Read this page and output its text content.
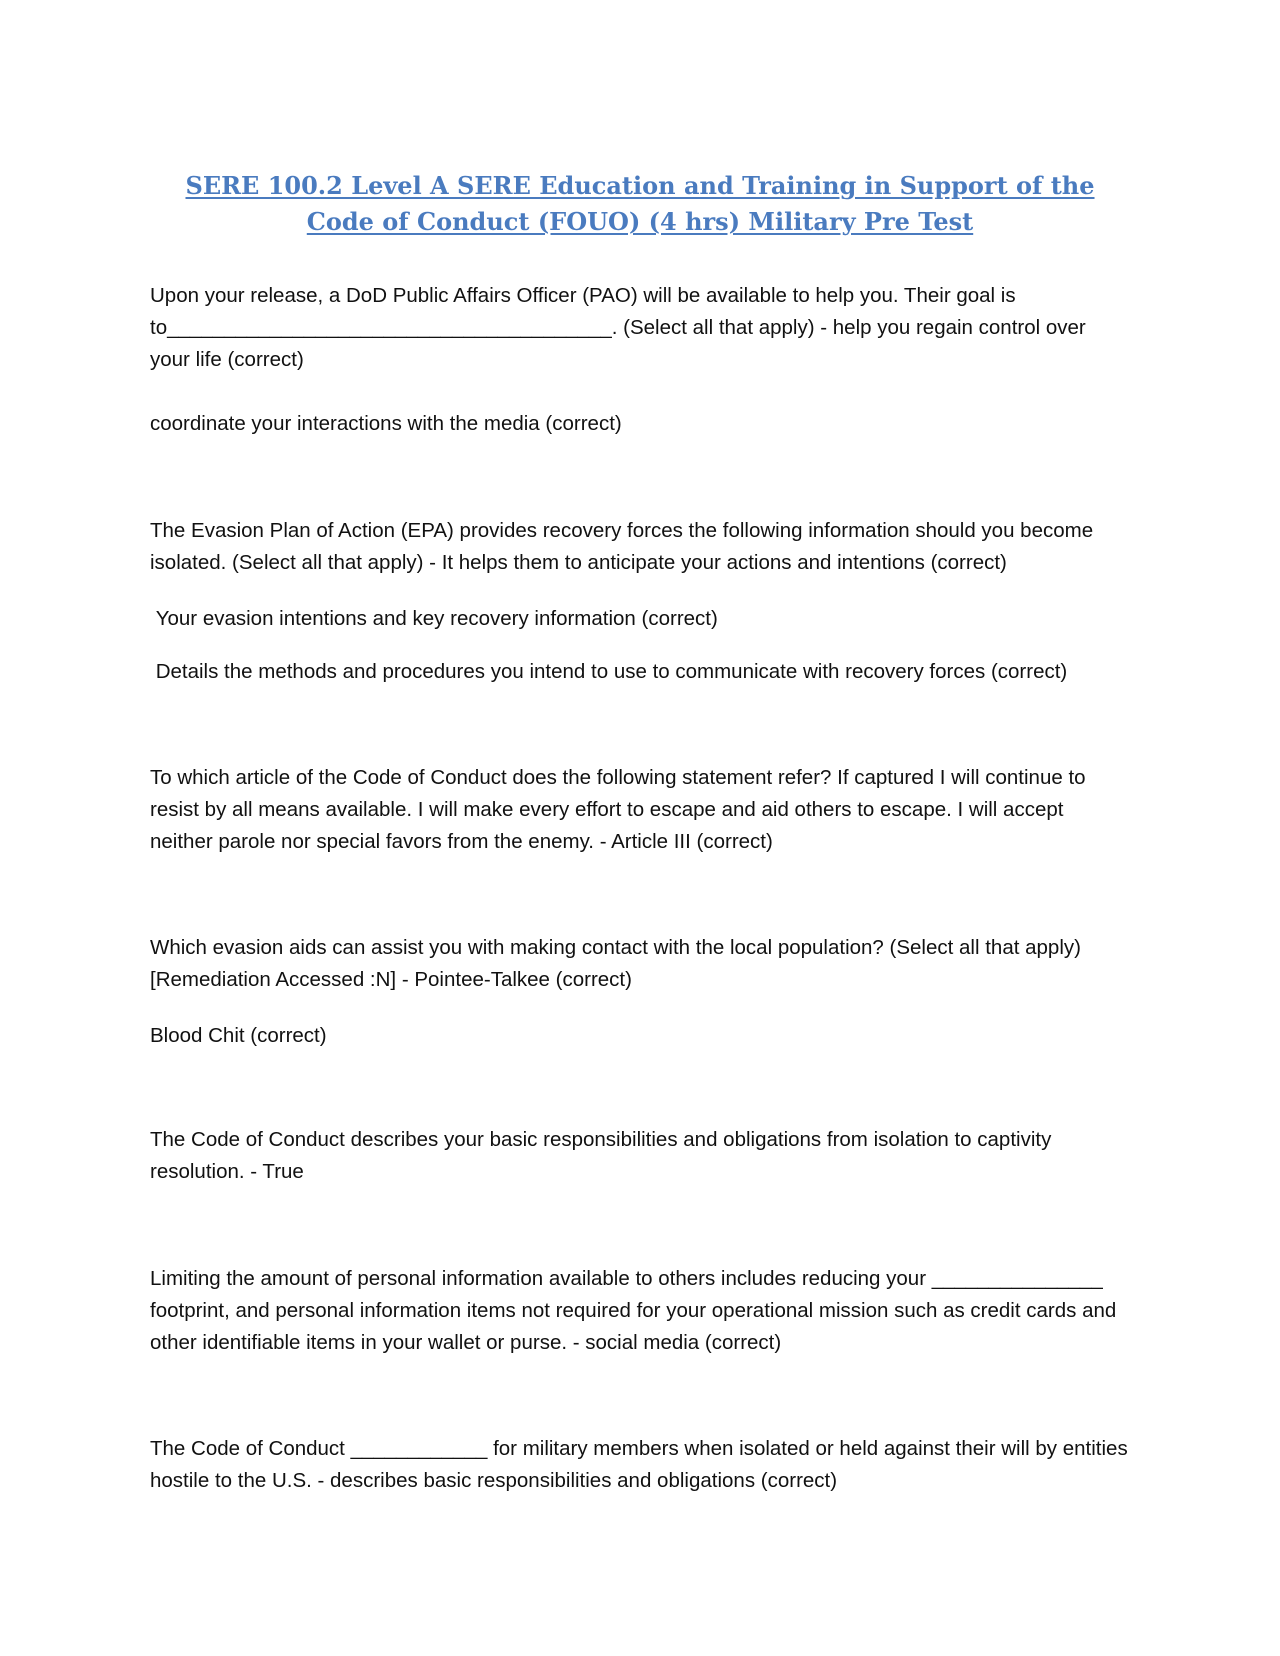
SERE 100.2 Level A SERE Education and Training in Support of the Code of Conduct (FOUO) (4 hrs) Military Pre Test

Upon your release, a DoD Public Affairs Officer (PAO) will be available to help you. Their goal is to_______________________________________. (Select all that apply) - help you regain control over your life (correct)

coordinate your interactions with the media (correct)

The Evasion Plan of Action (EPA) provides recovery forces the following information should you become isolated. (Select all that apply) - It helps them to anticipate your actions and intentions (correct)

Your evasion intentions and key recovery information (correct)

Details the methods and procedures you intend to use to communicate with recovery forces (correct)

To which article of the Code of Conduct does the following statement refer? If captured I will continue to resist by all means available. I will make every effort to escape and aid others to escape. I will accept neither parole nor special favors from the enemy. - Article III (correct)

Which evasion aids can assist you with making contact with the local population? (Select all that apply) [Remediation Accessed :N] - Pointee-Talkee (correct)

Blood Chit (correct)

The Code of Conduct describes your basic responsibilities and obligations from isolation to captivity resolution. - True

Limiting the amount of personal information available to others includes reducing your _______________ footprint, and personal information items not required for your operational mission such as credit cards and other identifiable items in your wallet or purse. - social media (correct)

The Code of Conduct ____________ for military members when isolated or held against their will by entities hostile to the U.S. - describes basic responsibilities and obligations (correct)
